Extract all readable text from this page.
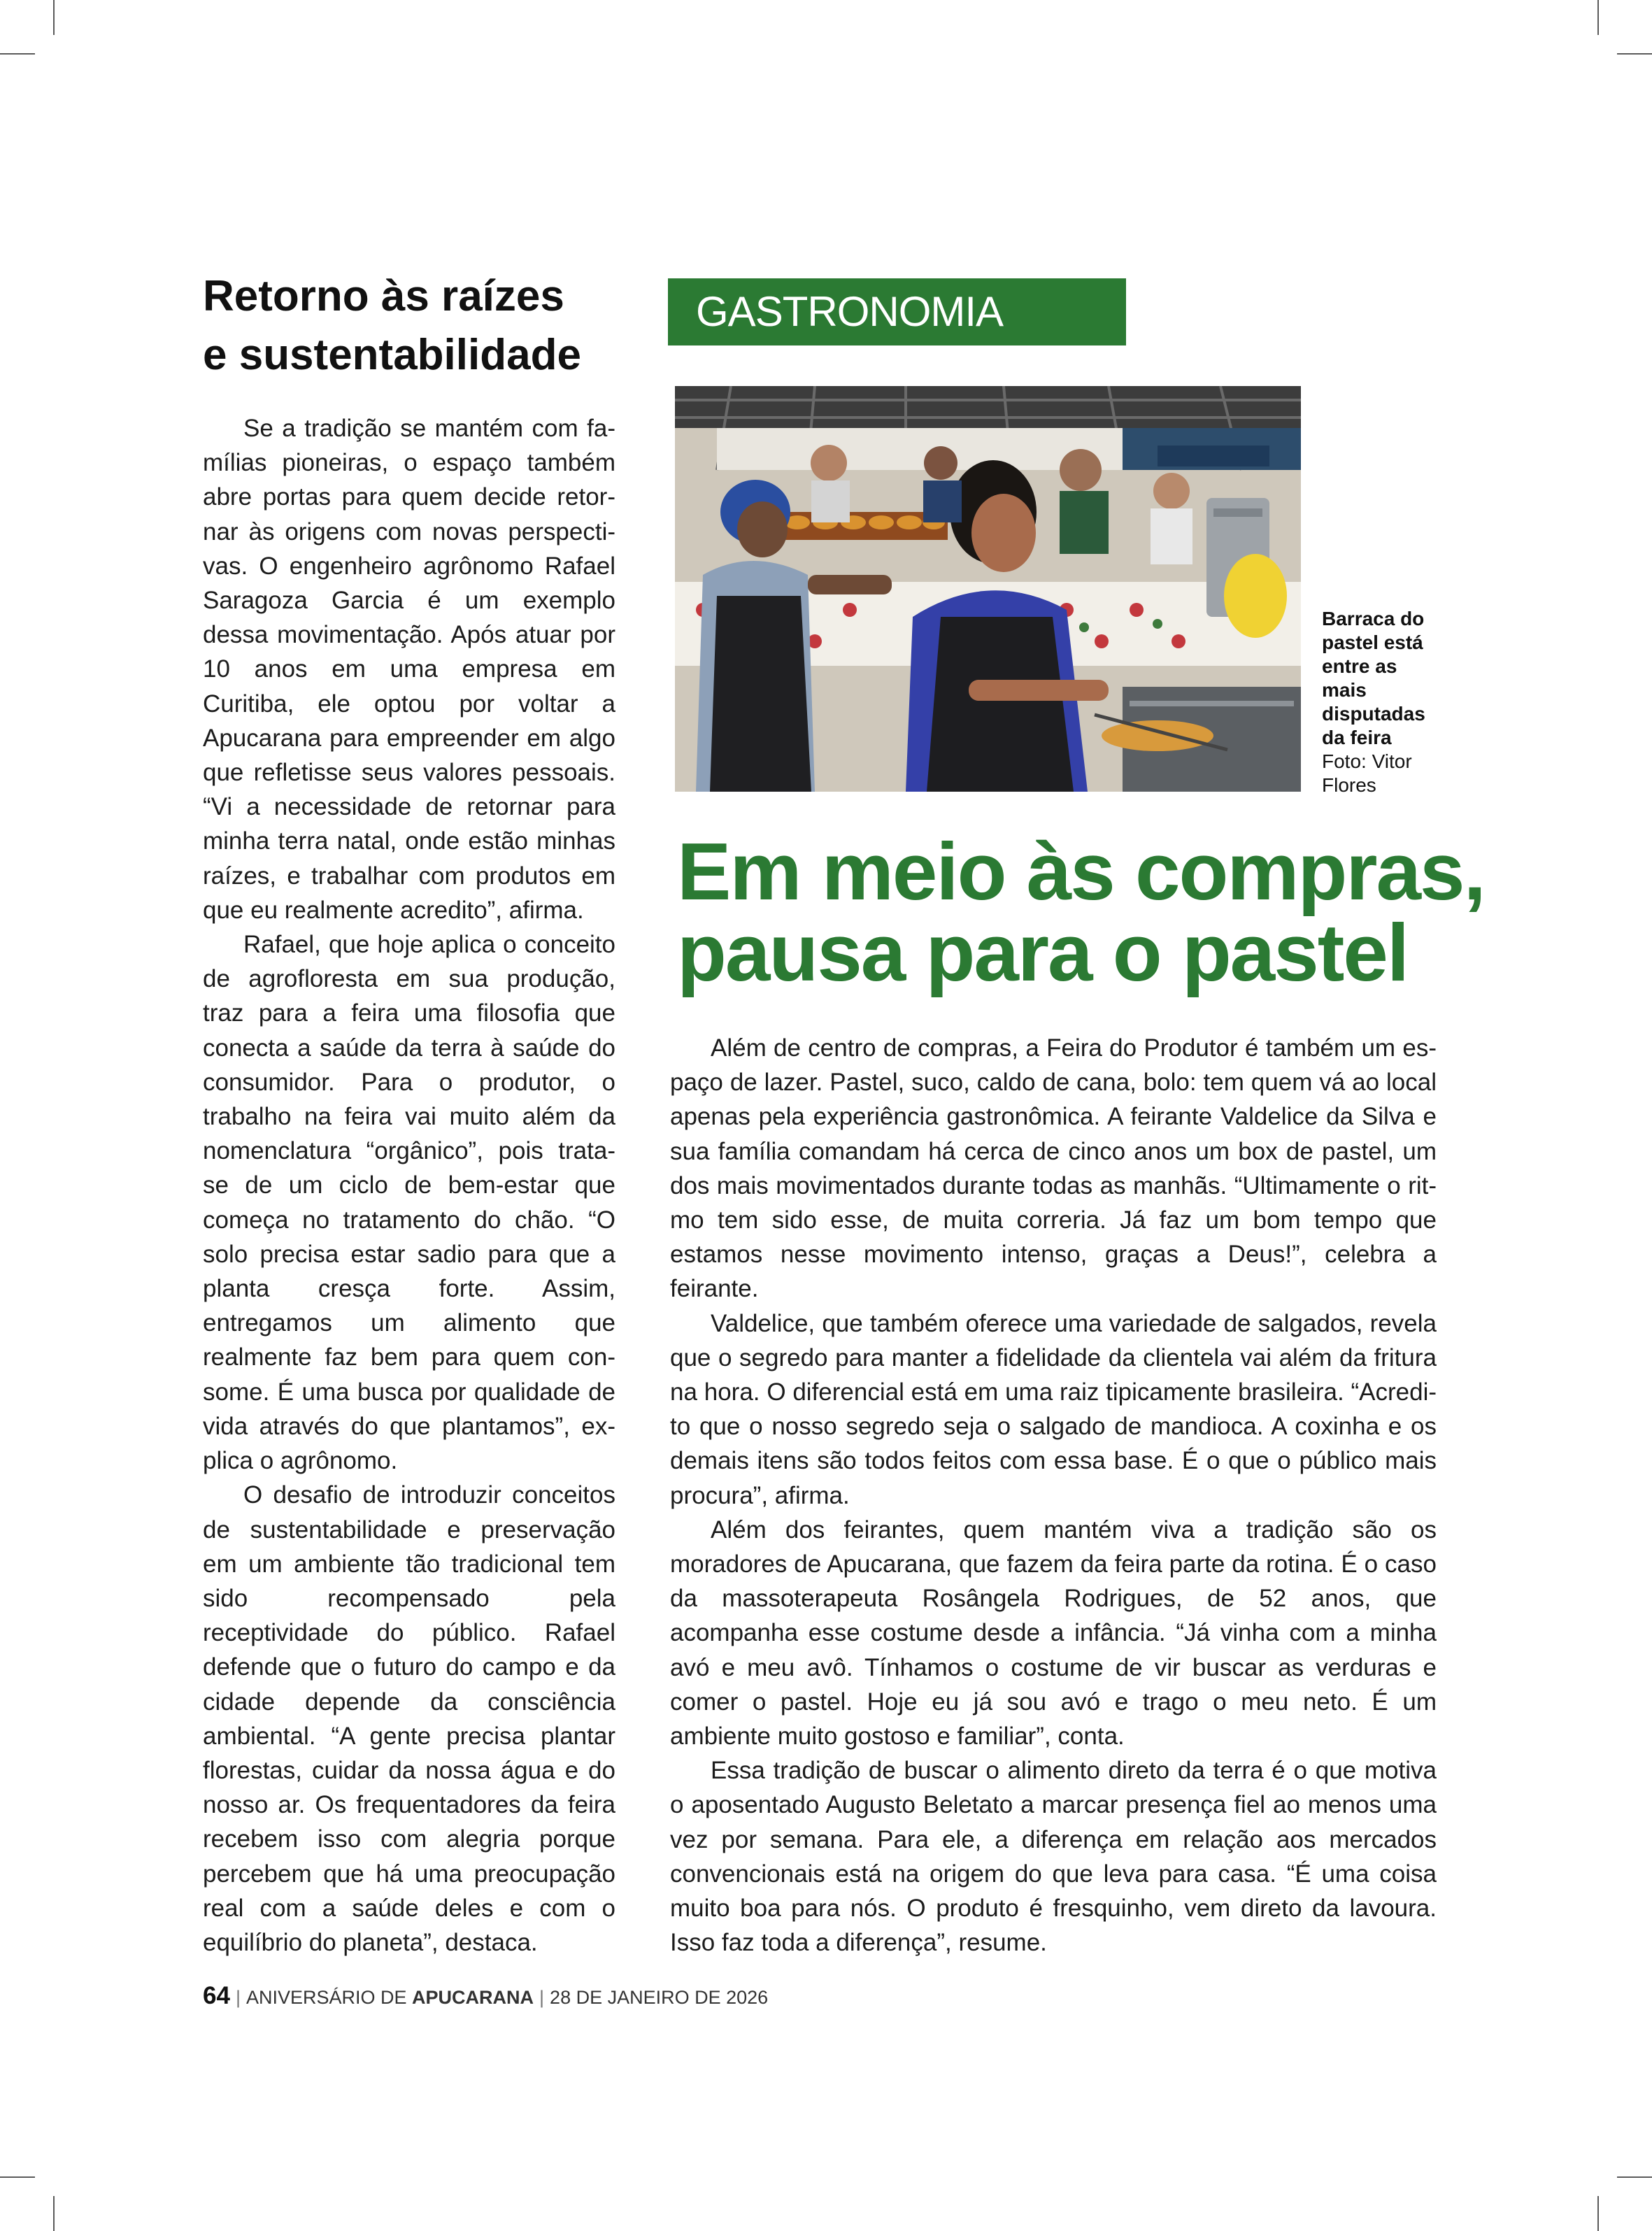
Retorno às raízes
e sustentabilidade

Se a tradição se mantém com famílias pioneiras, o espaço também abre portas para quem decide retornar às origens com novas perspectivas. O engenheiro agrônomo Rafael Saragoza Garcia é um exemplo dessa movimentação. Após atuar por 10 anos em uma empresa em Curitiba, ele optou por voltar a Apucarana para empreender em algo que refletisse seus valores pessoais. “Vi a necessidade de retornar para minha terra natal, onde estão minhas raízes, e trabalhar com produtos em que eu realmente acredito”, afirma.

Rafael, que hoje aplica o conceito de agrofloresta em sua produção, traz para a feira uma filosofia que conecta a saúde da terra à saúde do consumidor. Para o produtor, o trabalho na feira vai muito além da nomenclatura “orgânico”, pois trata-se de um ciclo de bem-estar que começa no tratamento do chão. “O solo precisa estar sadio para que a planta cresça forte. Assim, entregamos um alimento que realmente faz bem para quem consome. É uma busca por qualidade de vida através do que plantamos”, explica o agrônomo.

O desafio de introduzir conceitos de sustentabilidade e preservação em um ambiente tão tradicional tem sido recompensado pela receptividade do público. Rafael defende que o futuro do campo e da cidade depende da consciência ambiental. “A gente precisa plantar florestas, cuidar da nossa água e do nosso ar. Os frequentadores da feira recebem isso com alegria porque percebem que há uma preocupação real com a saúde deles e com o equilíbrio do planeta”, destaca.

GASTRONOMIA
Barraca do pastel está entre as mais disputadas da feira
Foto: Vitor Flores
Em meio às compras,
pausa para o pastel

Além de centro de compras, a Feira do Produtor é também um espaço de lazer. Pastel, suco, caldo de cana, bolo: tem quem vá ao local apenas pela experiência gastronômica. A feirante Valdelice da Silva e sua família comandam há cerca de cinco anos um box de pastel, um dos mais movimentados durante todas as manhãs. “Ultimamente o ritmo tem sido esse, de muita correria. Já faz um bom tempo que estamos nesse movimento intenso, graças a Deus!”, celebra a feirante.

Valdelice, que também oferece uma variedade de salgados, revela que o segredo para manter a fidelidade da clientela vai além da fritura na hora. O diferencial está em uma raiz tipicamente brasileira. “Acredito que o nosso segredo seja o salgado de mandioca. A coxinha e os demais itens são todos feitos com essa base. É o que o público mais procura”, afirma.

Além dos feirantes, quem mantém viva a tradição são os moradores de Apucarana, que fazem da feira parte da rotina. É o caso da massoterapeuta Rosângela Rodrigues, de 52 anos, que acompanha esse costume desde a infância. “Já vinha com a minha avó e meu avô. Tínhamos o costume de vir buscar as verduras e comer o pastel. Hoje eu já sou avó e trago o meu neto. É um ambiente muito gostoso e familiar”, conta.

Essa tradição de buscar o alimento direto da terra é o que motiva o aposentado Augusto Beletato a marcar presença fiel ao menos uma vez por semana. Para ele, a diferença em relação aos mercados convencionais está na origem do que leva para casa. “É uma coisa muito boa para nós. O produto é fresquinho, vem direto da lavoura. Isso faz toda a diferença”, resume.

64 | ANIVERSÁRIO DE APUCARANA | 28 DE JANEIRO DE 2026
